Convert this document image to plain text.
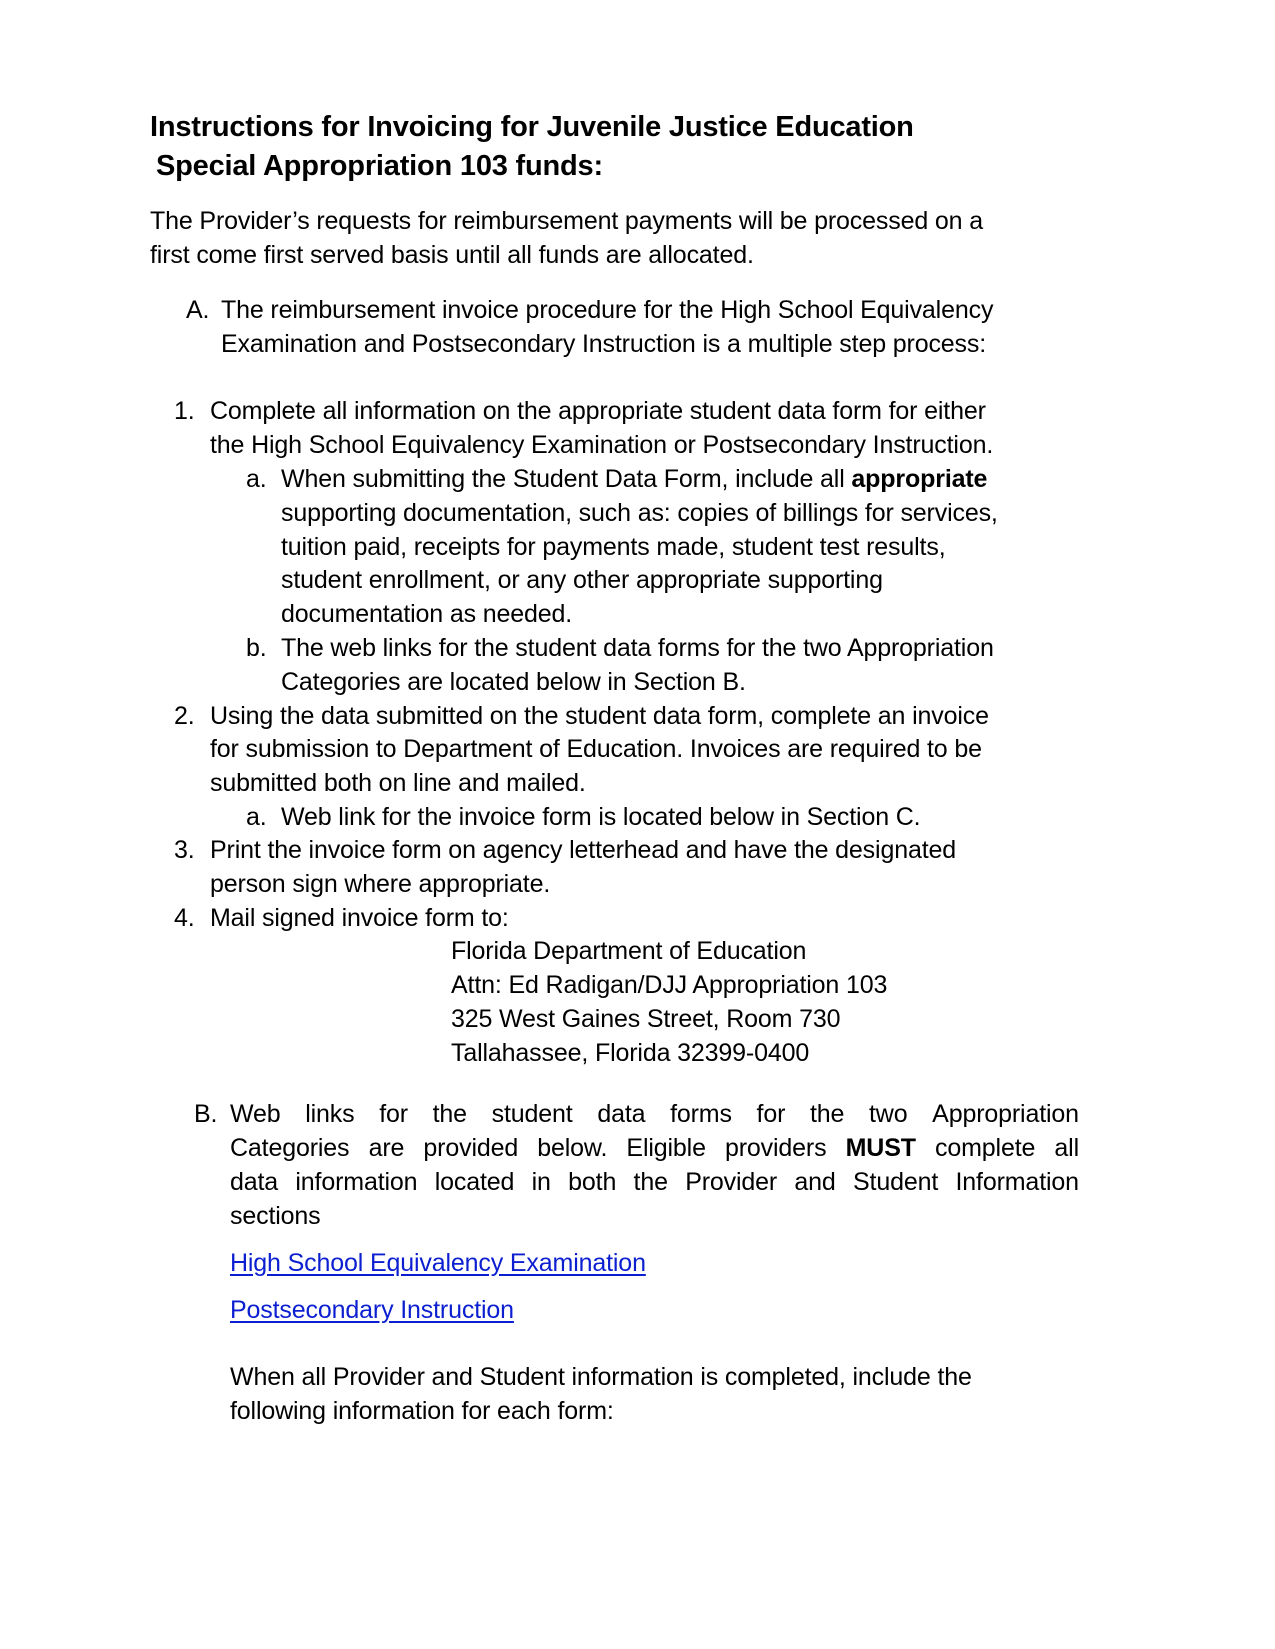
Instructions for Invoicing for Juvenile Justice Education
Special Appropriation 103 funds:
The Provider’s requests for reimbursement payments will be processed on a
first come first served basis until all funds are allocated.
A. The reimbursement invoice procedure for the High School Equivalency
Examination and Postsecondary Instruction is a multiple step process:
1. Complete all information on the appropriate student data form for either
the High School Equivalency Examination or Postsecondary Instruction.
a. When submitting the Student Data Form, include all appropriate
supporting documentation, such as: copies of billings for services,
tuition paid, receipts for payments made, student test results,
student enrollment, or any other appropriate supporting
documentation as needed.
b. The web links for the student data forms for the two Appropriation
Categories are located below in Section B.
2. Using the data submitted on the student data form, complete an invoice
for submission to Department of Education. Invoices are required to be
submitted both on line and mailed.
a. Web link for the invoice form is located below in Section C.
3. Print the invoice form on agency letterhead and have the designated
person sign where appropriate.
4. Mail signed invoice form to:
Florida Department of Education
Attn: Ed Radigan/DJJ Appropriation 103
325 West Gaines Street, Room 730
Tallahassee, Florida 32399-0400
B. Web links for the student data forms for the two Appropriation
Categories are provided below. Eligible providers MUST complete all
data information located in both the Provider and Student Information
sections
High School Equivalency Examination
Postsecondary Instruction
When all Provider and Student information is completed, include the
following information for each form:
